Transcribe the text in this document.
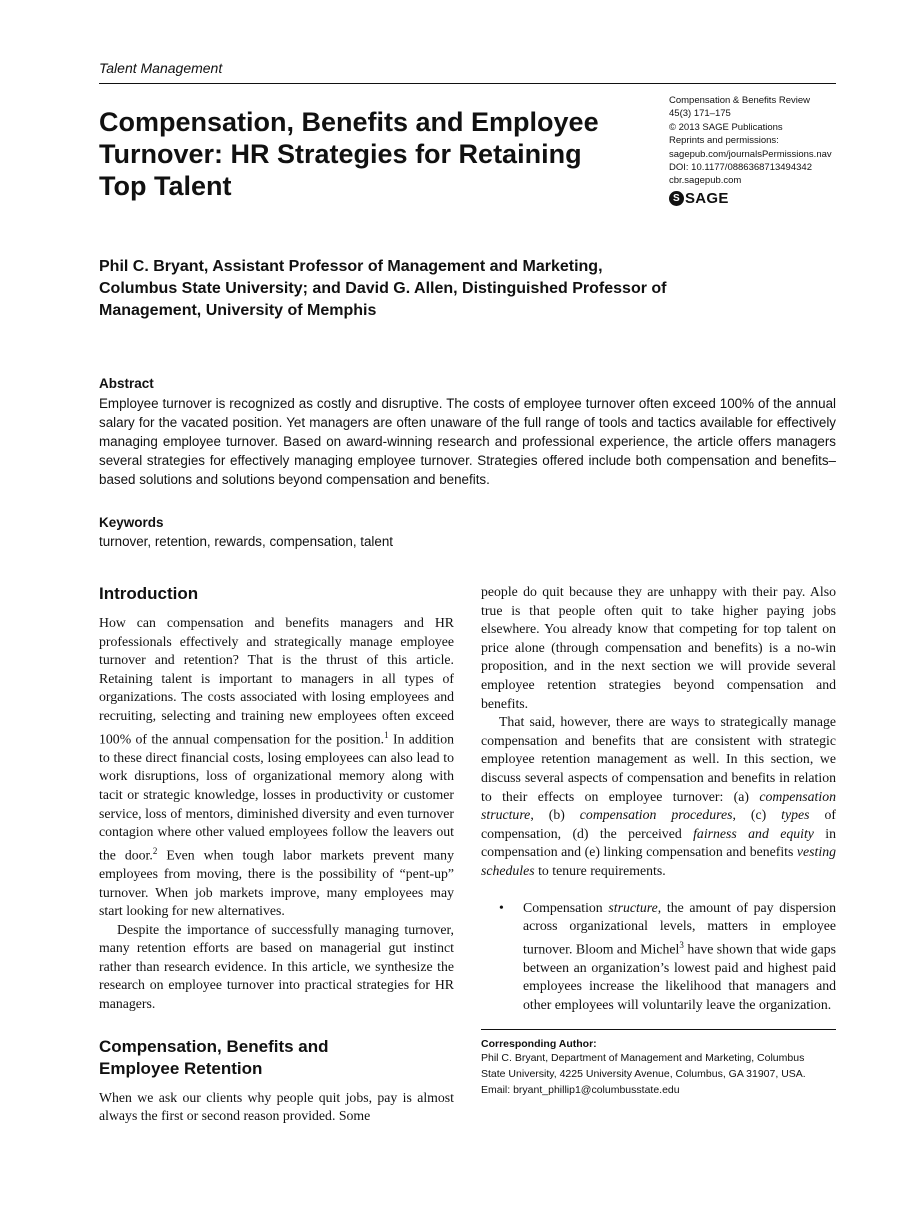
Talent Management
Compensation, Benefits and Employee
Turnover: HR Strategies for Retaining
Top Talent
Compensation & Benefits Review
45(3) 171–175
© 2013 SAGE Publications
Reprints and permissions:
sagepub.com/journalsPermissions.nav
DOI: 10.1177/0886368713494342
cbr.sagepub.com
S SAGE
Phil C. Bryant, Assistant Professor of Management and Marketing,
Columbus State University; and David G. Allen, Distinguished Professor of
Management, University of Memphis
Abstract

Employee turnover is recognized as costly and disruptive. The costs of employee turnover often exceed 100% of the annual salary for the vacated position. Yet managers are often unaware of the full range of tools and tactics available for effectively managing employee turnover. Based on award-winning research and professional experience, the article offers managers several strategies for effectively managing employee turnover. Strategies offered include both compensation and benefits–based solutions and solutions beyond compensation and benefits.

Keywords
turnover, retention, rewards, compensation, talent
Introduction

How can compensation and benefits managers and HR professionals effectively and strategically manage employee turnover and retention? That is the thrust of this article. Retaining talent is important to managers in all types of organizations. The costs associated with losing employees and recruiting, selecting and training new employees often exceed 100% of the annual compensation for the position.$^1$ In addition to these direct financial costs, losing employees can also lead to work disruptions, loss of organizational memory along with tacit or strategic knowledge, losses in productivity or customer service, loss of mentors, diminished diversity and even turnover contagion where other valued employees follow the leavers out the door.$^2$ Even when tough labor markets prevent many employees from moving, there is the possibility of “pent-up” turnover. When job markets improve, many employees may start looking for new alternatives.

Despite the importance of successfully managing turnover, many retention efforts are based on managerial gut instinct rather than research evidence. In this article, we synthesize the research on employee turnover into practical strategies for HR managers.

Compensation, Benefits and
Employee Retention

When we ask our clients why people quit jobs, pay is almost always the first or second reason provided. Some

people do quit because they are unhappy with their pay. Also true is that people often quit to take higher paying jobs elsewhere. You already know that competing for top talent on price alone (through compensation and benefits) is a no-win proposition, and in the next section we will provide several employee retention strategies beyond compensation and benefits.

That said, however, there are ways to strategically manage compensation and benefits that are consistent with strategic employee retention management as well. In this section, we discuss several aspects of compensation and benefits in relation to their effects on employee turnover: (a) compensation structure, (b) compensation procedures, (c) types of compensation, (d) the perceived fairness and equity in compensation and (e) linking compensation and benefits vesting schedules to tenure requirements.

• Compensation structure, the amount of pay dispersion across organizational levels, matters in employee turnover. Bloom and Michel$^3$ have shown that wide gaps between an organization’s lowest paid and highest paid employees increase the likelihood that managers and other employees will voluntarily leave the organization.

Corresponding Author:
Phil C. Bryant, Department of Management and Marketing, Columbus
State University, 4225 University Avenue, Columbus, GA 31907, USA.
Email: bryant_phillip1@columbusstate.edu
